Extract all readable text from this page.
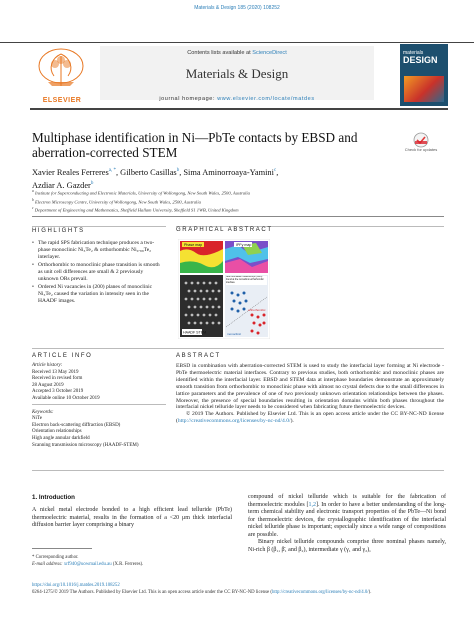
Materials & Design 185 (2020) 108252
ELSEVIER
Contents lists available at ScienceDirect
Materials & Design
journal homepage: www.elsevier.com/locate/matdes
materials
DESIGN
Multiphase identification in Ni—PbTe contacts by EBSD and aberration-corrected STEM	Check for updates
Xavier Reales Ferreres$^{a, *}$, Gilberto Casillas$^b$, Sima Aminorroaya-Yamini$^c$,
Azdiar A. Gazder$^b$
$^a$ Institute for Superconducting and Electronic Materials, University of Wollongong, New South Wales, 2500, Australia
$^b$ Electron Microscopy Centre, University of Wollongong, New South Wales, 2500, Australia
$^c$ Department of Engineering and Mathematics, Sheffield Hallam University, Sheffield S1 1WB, United Kingdom
HIGHLIGHTS
• The rapid SPS fabrication technique produces a two-phase monoclinic Ni₃Te₂ & orthorhombic Ni₀.₈₈Te₂ interlayer.
• Orthorhombic to monoclinic phase transition is smooth as unit cell differences are small & 2 previously unknown ORs prevail.
• Ordered Ni vacancies in (200) planes of monoclinic Ni₃Te₂ caused the variation in intensity seen in the HAADF images.
GRAPHICAL ABSTRACT
Phase map	IPFy map
HAADF STEM
New orientation relationships (ORs) found at the monoclinic-orthorhombic interface
monoclinic
orthorhombic
ARTICLE INFO
Article history:
Received 13 May 2019
Received in revised form
28 August 2019
Accepted 3 October 2019
Available online 10 October 2019
Keywords:
NiTe
Electron back-scattering diffraction (EBSD)
Orientation relationships
High angle annular darkfield
Scanning transmission microscopy (HAADF-STEM)
ABSTRACT

EBSD in combination with aberration-corrected STEM is used to study the interfacial layer forming at Ni electrode - PbTe thermoelectric material interfaces. Contrary to previous studies, both orthorhombic and monoclinic phases are identified within the interfacial layer. EBSD and STEM data at interphase boundaries demonstrate an approximately smooth transition from orthorhombic to monoclinic phase with almost no crystal defects due to the small differences in lattice parameters and the prevalence of one of two previously unknown orientation relationships between the phases. Moreover, the presence of special boundaries resulting in orientation domains within both phases throughout the interfacial nickel telluride layer needs to be considered when fabricating future thermoelectric devices.

© 2019 The Authors. Published by Elsevier Ltd. This is an open access article under the CC BY-NC-ND license (http://creativecommons.org/licenses/by-nc-nd/4.0/).

1. Introduction
A nickel metal electrode bonded to a high efficient lead telluride (PbTe) thermoelectric material, results in the formation of a <20 μm thick interfacial diffusion barrier layer comprising a binary

compound of nickel telluride which is suitable for the fabrication of thermoelectric modules [1,2]. In order to have a better understanding of the long-term chemical stability and electronic transport properties of the PbTe—Ni bond for thermoelectric devices, the crystallographic identification of the interfacial nickel telluride phase is important; especially since a wide range of compositions are possible.

Binary nickel telluride compounds comprise three nominal phases namely, Ni-rich β (β₁, β̄₁ and β₂), intermediate γ (γ₁ and γ₂),

* Corresponding author.
E-mail address: xrf940@uowmail.edu.au (X.R. Ferreres).
https://doi.org/10.1016/j.matdes.2019.108252
0264-1275/© 2019 The Authors. Published by Elsevier Ltd. This is an open access article under the CC BY-NC-ND license (http://creativecommons.org/licenses/by-nc-nd/4.0/).
